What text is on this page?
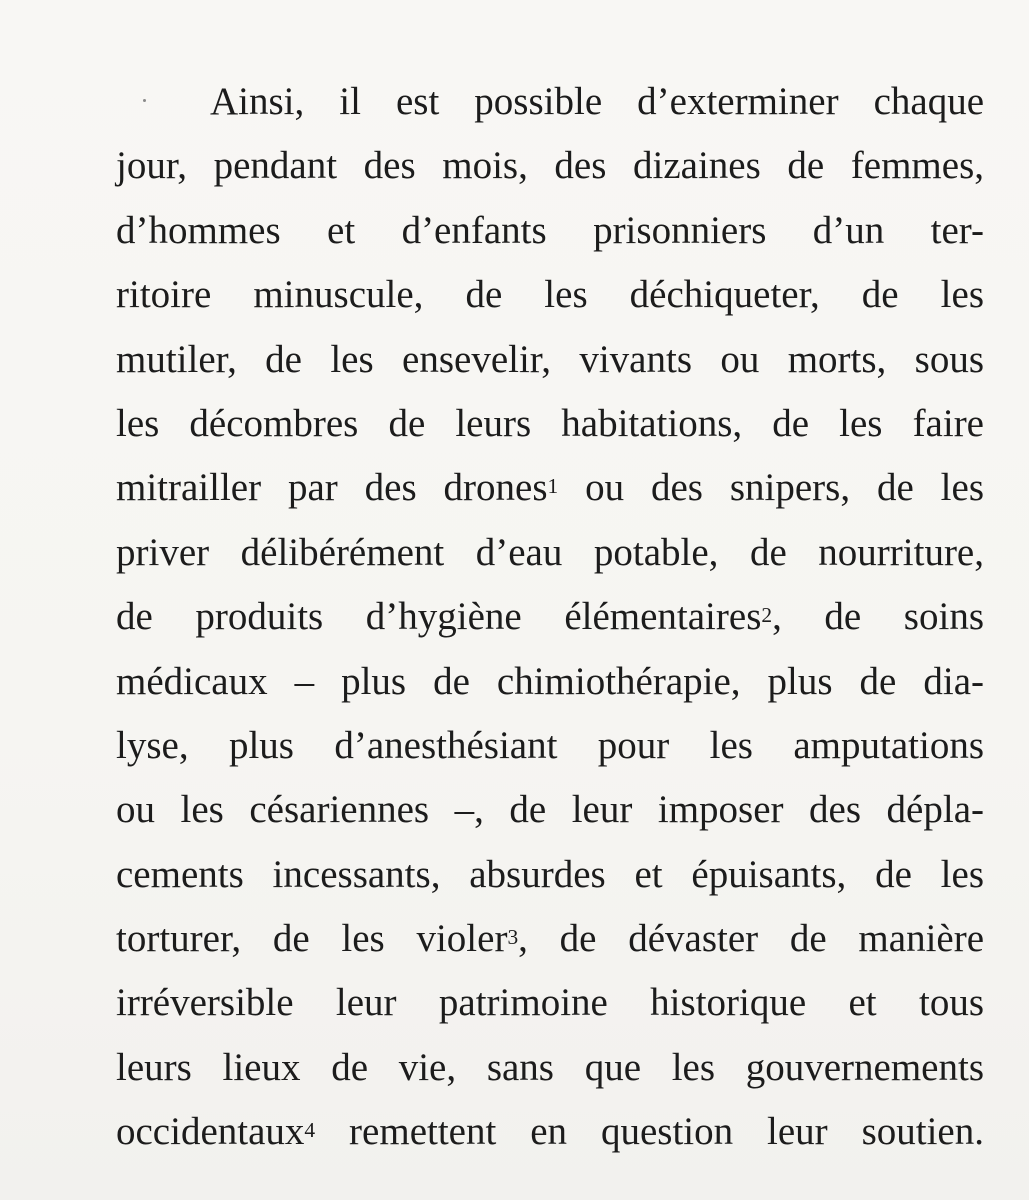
Ainsi, il est possible d’exterminer chaque
jour, pendant des mois, des dizaines de femmes,
d’hommes et d’enfants prisonniers d’un ter-
ritoire minuscule, de les déchiqueter, de les
mutiler, de les ensevelir, vivants ou morts, sous
les décombres de leurs habitations, de les faire
mitrailler par des drones$^1$ ou des snipers, de les
priver délibérément d’eau potable, de nourriture,
de produits d’hygiène élémentaires$^2$, de soins
médicaux – plus de chimiothérapie, plus de dia-
lyse, plus d’anesthésiant pour les amputations
ou les césariennes –, de leur imposer des dépla-
cements incessants, absurdes et épuisants, de les
torturer, de les violer$^3$, de dévaster de manière
irréversible leur patrimoine historique et tous
leurs lieux de vie, sans que les gouvernements
occidentaux$^4$ remettent en question leur soutien.
